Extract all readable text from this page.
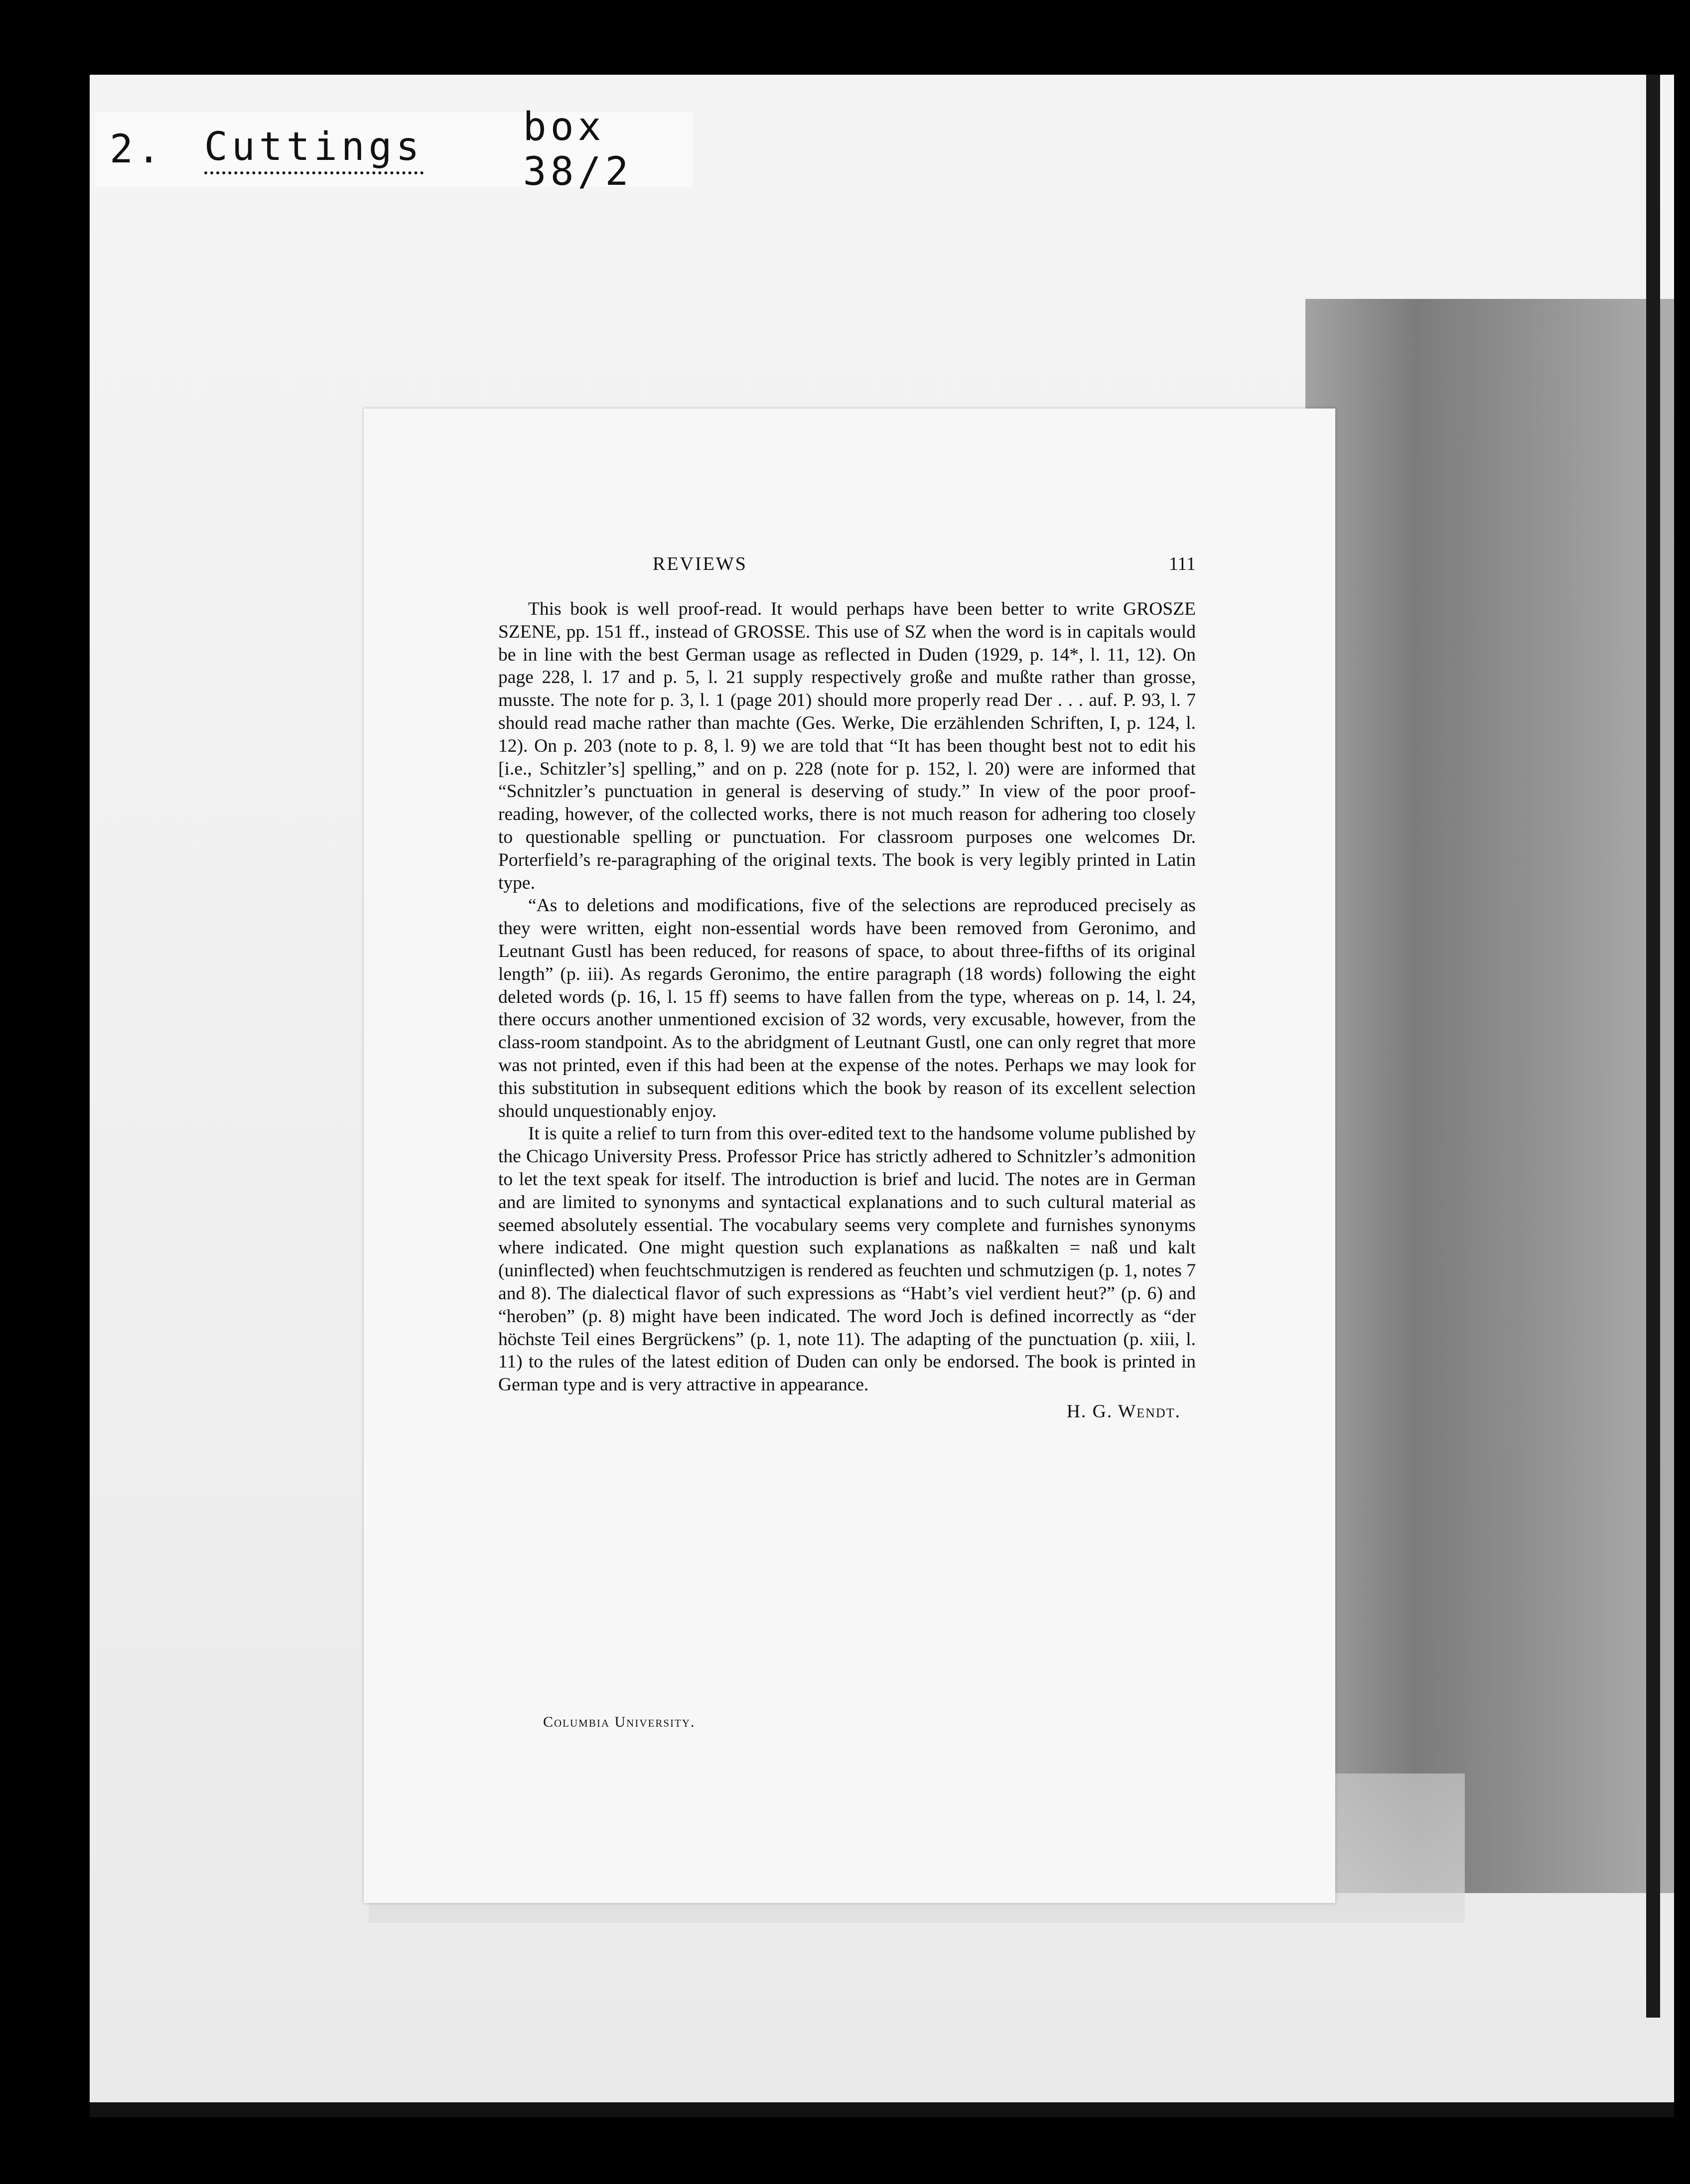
2. Cuttings	box 38/2
REVIEWS	111

This book is well proof-read. It would perhaps have been better to write GROSZE SZENE, pp. 151 ff., instead of GROSSE. This use of SZ when the word is in capitals would be in line with the best German usage as reflected in Duden (1929, p. 14*, l. 11, 12). On page 228, l. 17 and p. 5, l. 21 supply respectively große and mußte rather than grosse, musste. The note for p. 3, l. 1 (page 201) should more properly read Der . . . auf. P. 93, l. 7 should read mache rather than machte (Ges. Werke, Die erzählenden Schriften, I, p. 124, l. 12). On p. 203 (note to p. 8, l. 9) we are told that “It has been thought best not to edit his [i.e., Schitzler’s] spelling,” and on p. 228 (note for p. 152, l. 20) were are informed that “Schnitzler’s punctuation in general is deserving of study.” In view of the poor proof-reading, however, of the collected works, there is not much reason for adhering too closely to questionable spelling or punctuation. For classroom purposes one welcomes Dr. Porterfield’s re-paragraphing of the original texts. The book is very legibly printed in Latin type.

“As to deletions and modifications, five of the selections are reproduced precisely as they were written, eight non-essential words have been removed from Geronimo, and Leutnant Gustl has been reduced, for reasons of space, to about three-fifths of its original length” (p. iii). As regards Geronimo, the entire paragraph (18 words) following the eight deleted words (p. 16, l. 15 ff) seems to have fallen from the type, whereas on p. 14, l. 24, there occurs another unmentioned excision of 32 words, very excusable, however, from the class-room standpoint. As to the abridgment of Leutnant Gustl, one can only regret that more was not printed, even if this had been at the expense of the notes. Perhaps we may look for this substitution in subsequent editions which the book by reason of its excellent selection should unquestionably enjoy.

It is quite a relief to turn from this over-edited text to the handsome volume published by the Chicago University Press. Professor Price has strictly adhered to Schnitzler’s admonition to let the text speak for itself. The introduction is brief and lucid. The notes are in German and are limited to synonyms and syntactical explanations and to such cultural material as seemed absolutely essential. The vocabulary seems very complete and furnishes synonyms where indicated. One might question such explanations as naßkalten = naß und kalt (uninflected) when feuchtschmutzigen is rendered as feuchten und schmutzigen (p. 1, notes 7 and 8). The dialectical flavor of such expressions as “Habt’s viel verdient heut?” (p. 6) and “heroben” (p. 8) might have been indicated. The word Joch is defined incorrectly as “der höchste Teil eines Bergrückens” (p. 1, note 11). The adapting of the punctuation (p. xiii, l. 11) to the rules of the latest edition of Duden can only be endorsed. The book is printed in German type and is very attractive in appearance.

H. G. Wendt.

Columbia University.
